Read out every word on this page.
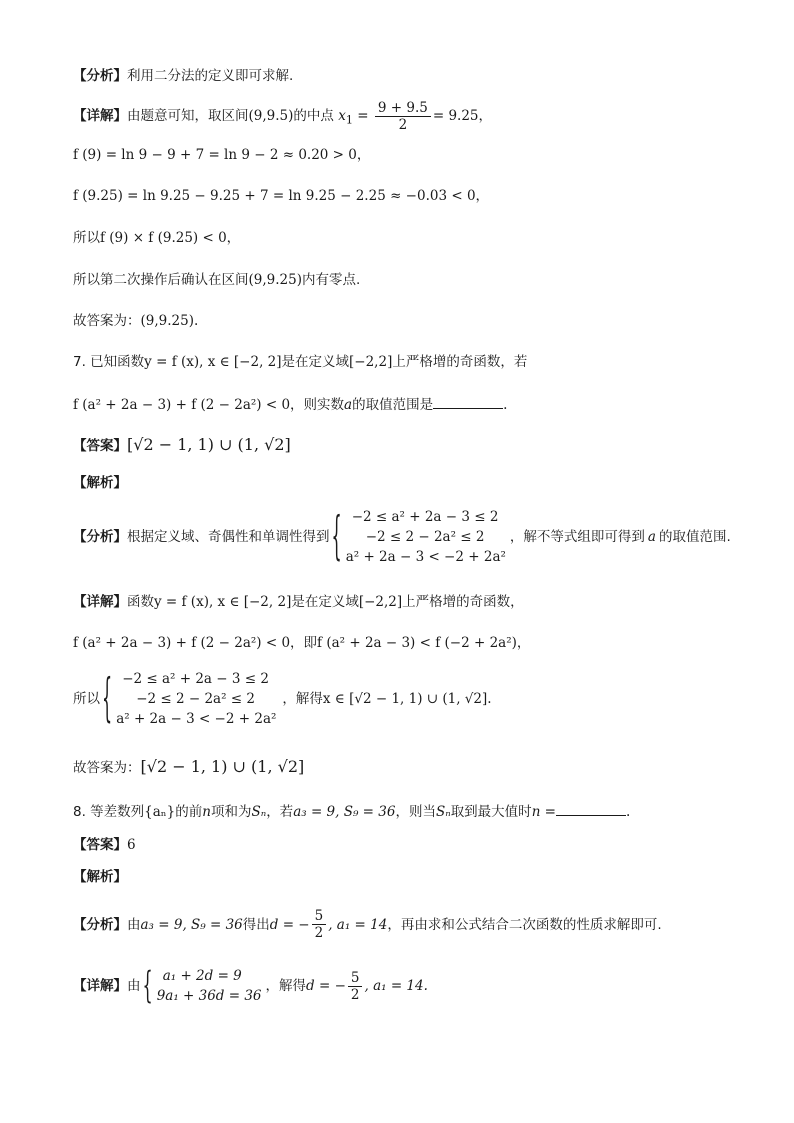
【分析】利用二分法的定义即可求解.
【详解】由题意可知，取区间(9,9.5)的中点 $x_1 = \frac{9 + 9.5}{2} = 9.25$，
f (9) = ln 9 − 9 + 7 = ln 9 − 2 ≈ 0.20 > 0，
f (9.25) = ln 9.25 − 9.25 + 7 = ln 9.25 − 2.25 ≈ −0.03 < 0，
所以f (9) × f (9.25) < 0，
所以第二次操作后确认在区间(9,9.25)内有零点.
故答案为：(9,9.25).
7. 已知函数y = f (x), x ∈ [−2, 2]是在定义域[−2,2]上严格增的奇函数，若
f (a² + 2a − 3) + f (2 − 2a²) < 0，则实数a的取值范围是	.
【答案】[√2 − 1, 1) ∪ (1, √2]
【解析】
【分析】 根据定义域、奇偶性和单调性得到 { −2 ≤ a² + 2a − 3 ≤ 2
−2 ≤ 2 − 2a² ≤ 2
a² + 2a − 3 < −2 + 2a²
，解不等式组即可得到 a 的取值范围.
【详解】函数y = f (x), x ∈ [−2, 2]是在定义域[−2,2]上严格增的奇函数，
f (a² + 2a − 3) + f (2 − 2a²) < 0，即f (a² + 2a − 3) < f (−2 + 2a²)，
所以 { −2 ≤ a² + 2a − 3 ≤ 2
−2 ≤ 2 − 2a² ≤ 2
a² + 2a − 3 < −2 + 2a²
，解得 x ∈ [√2 − 1, 1) ∪ (1, √2].
故答案为：[√2 − 1, 1) ∪ (1, √2]
8. 等差数列{aₙ}的前n项和为Sₙ，若a₃ = 9, S₉ = 36，则当Sₙ取到最大值时n =	.
【答案】6
【解析】
【分析】 由 a₃ = 9, S₉ = 36 得出 d = − $\frac{5}{2}$ , a₁ = 14 ，再由求和公式结合二次函数的性质求解即可.
【详解】 由 { a₁ + 2d = 9
9a₁ + 36d = 36
，解得 d = − $\frac{5}{2}$ , a₁ = 14.
